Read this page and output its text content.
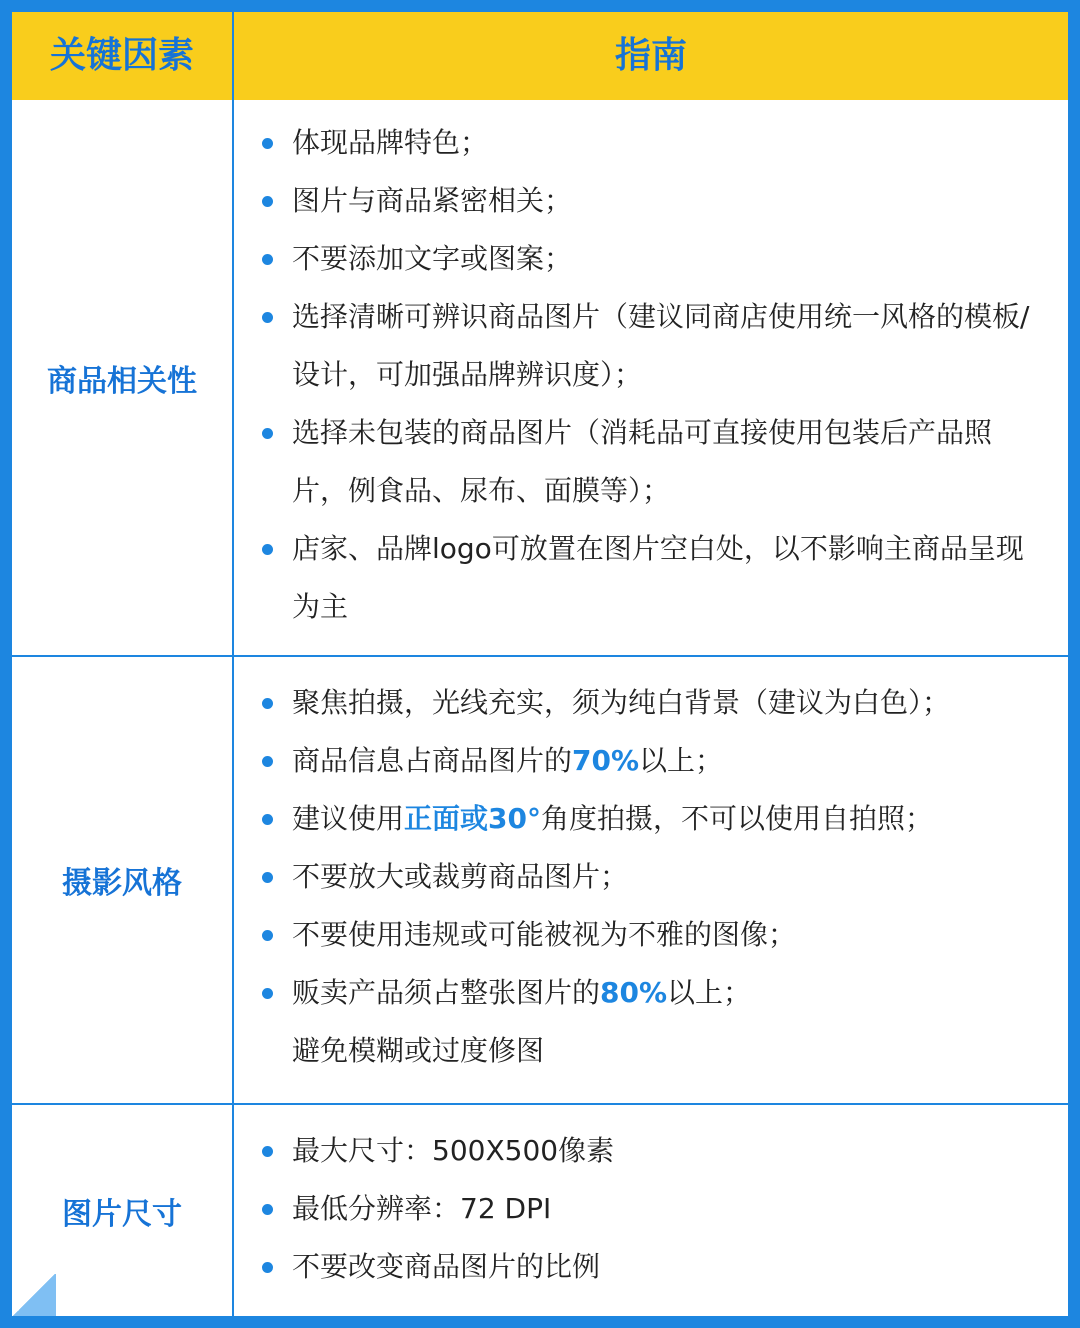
关键因素	指南
商品相关性
体现品牌特色；
图片与商品紧密相关；
不要添加文字或图案；
选择清晰可辨识商品图片（建议同商店使用统一风格的模板/设计，可加强品牌辨识度）；
选择未包装的商品图片（消耗品可直接使用包装后产品照片，例食品、尿布、面膜等）；
店家、品牌logo可放置在图片空白处，以不影响主商品呈现为主
摄影风格
聚焦拍摄，光线充实，须为纯白背景（建议为白色）；
商品信息占商品图片的70%以上；
建议使用正面或30°角度拍摄，不可以使用自拍照；
不要放大或裁剪商品图片；
不要使用违规或可能被视为不雅的图像；
贩卖产品须占整张图片的80%以上；
避免模糊或过度修图
图片尺寸
最大尺寸：500X500像素
最低分辨率：72 DPI
不要改变商品图片的比例
